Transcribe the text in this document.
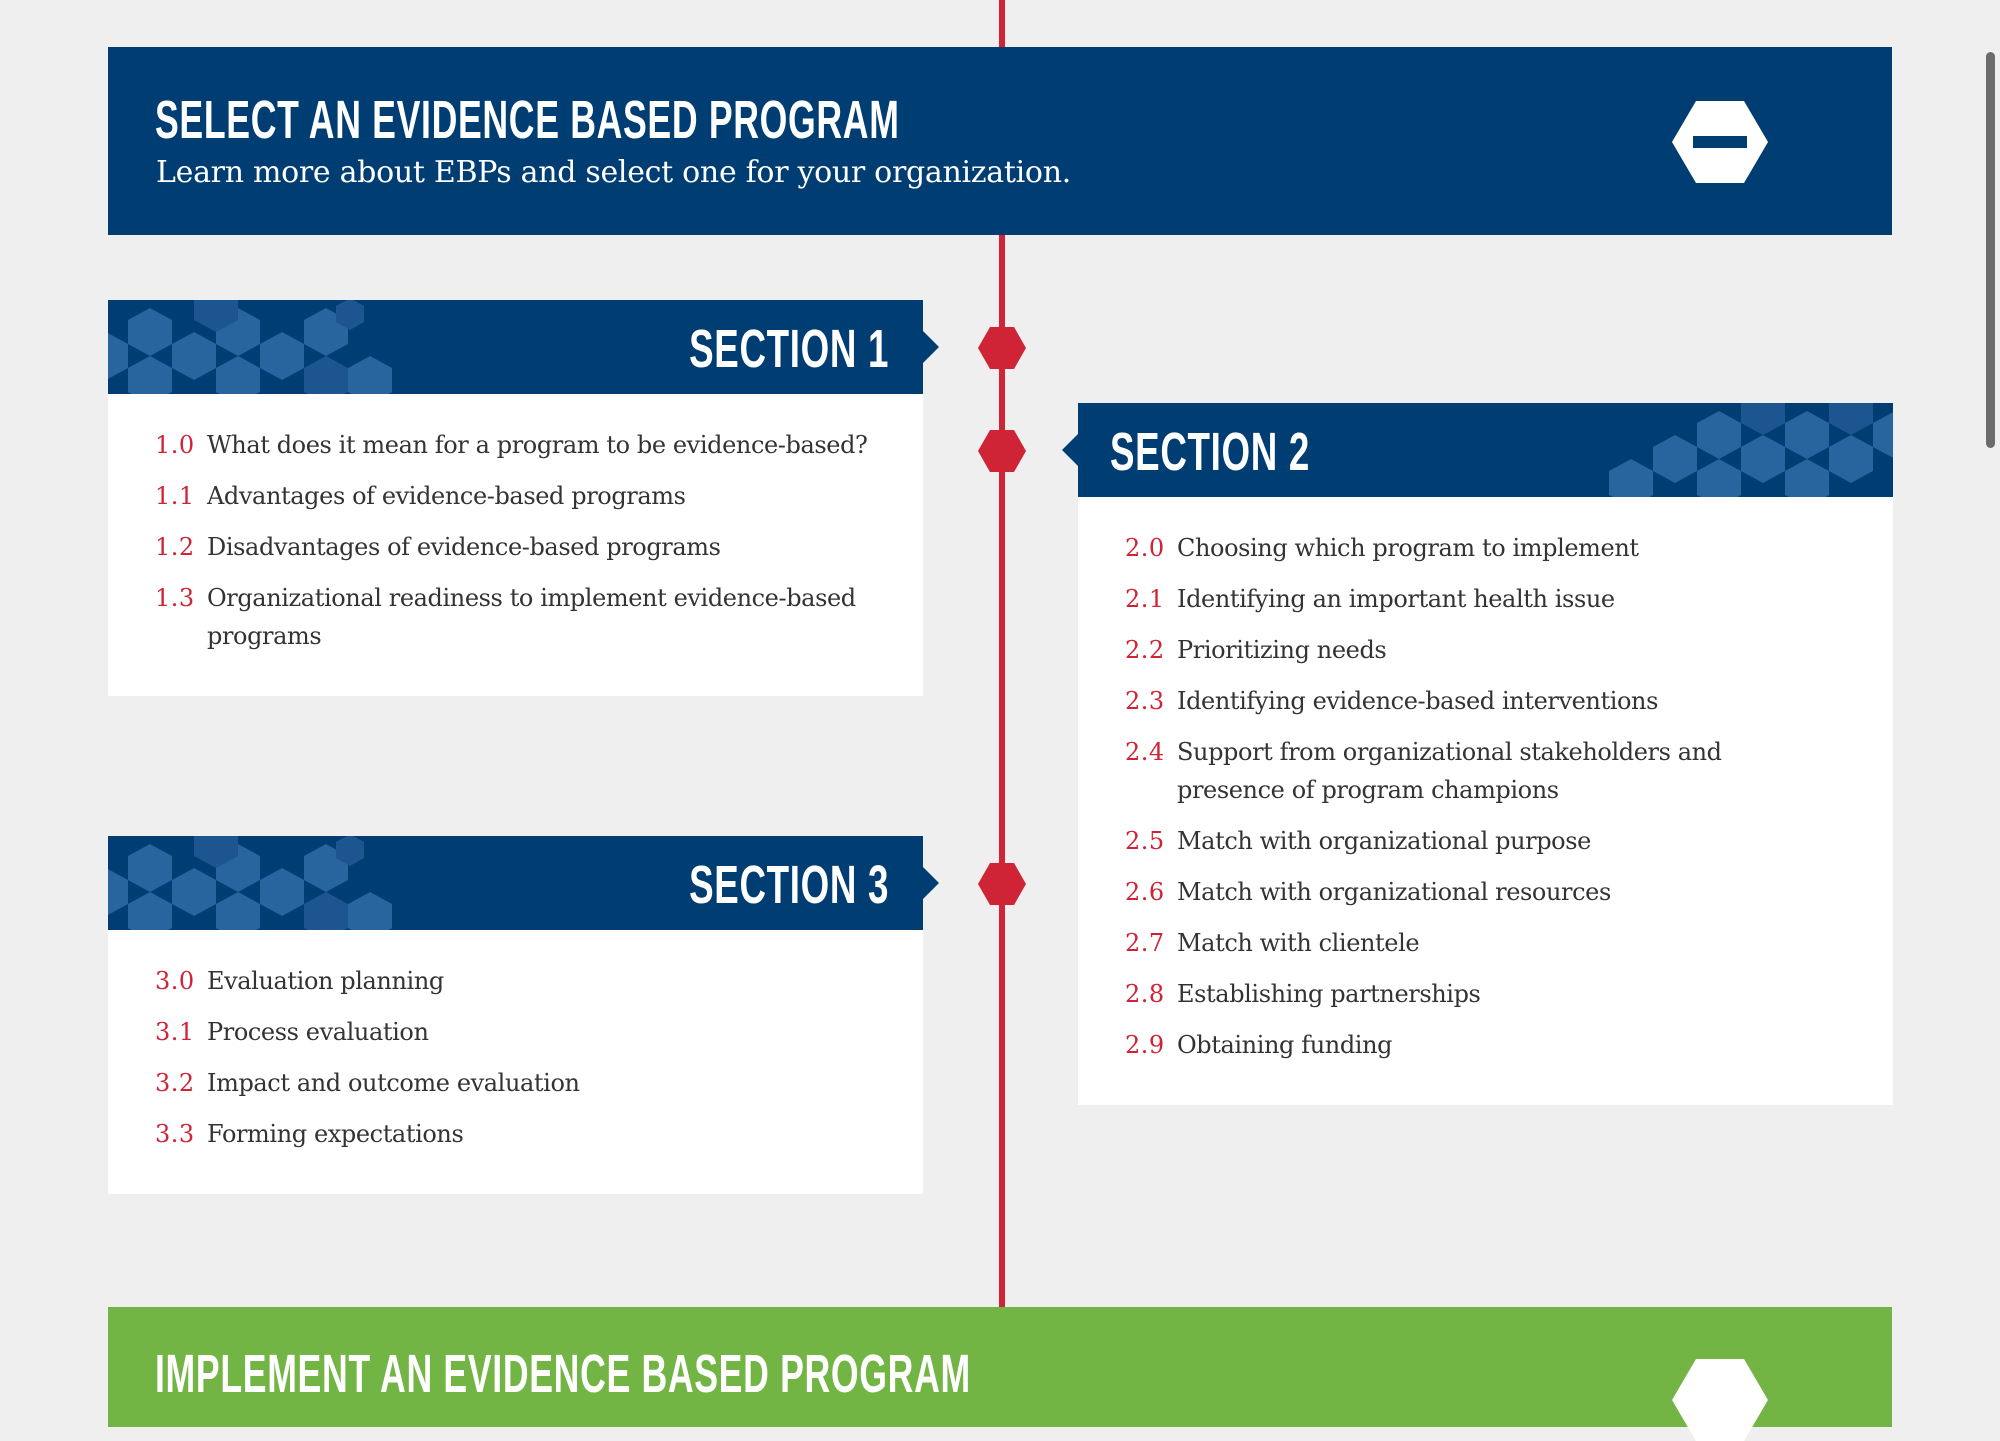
SELECT AN EVIDENCE BASED PROGRAM
Learn more about EBPs and select one for your organization.
SECTION 1
1.0 What does it mean for a program to be evidence-based?
1.1 Advantages of evidence-based programs
1.2 Disadvantages of evidence-based programs
1.3 Organizational readiness to implement evidence-based programs
SECTION 2
2.0 Choosing which program to implement
2.1 Identifying an important health issue
2.2 Prioritizing needs
2.3 Identifying evidence-based interventions
2.4 Support from organizational stakeholders and presence of program champions
2.5 Match with organizational purpose
2.6 Match with organizational resources
2.7 Match with clientele
2.8 Establishing partnerships
2.9 Obtaining funding
SECTION 3
3.0 Evaluation planning
3.1 Process evaluation
3.2 Impact and outcome evaluation
3.3 Forming expectations
IMPLEMENT AN EVIDENCE BASED PROGRAM
